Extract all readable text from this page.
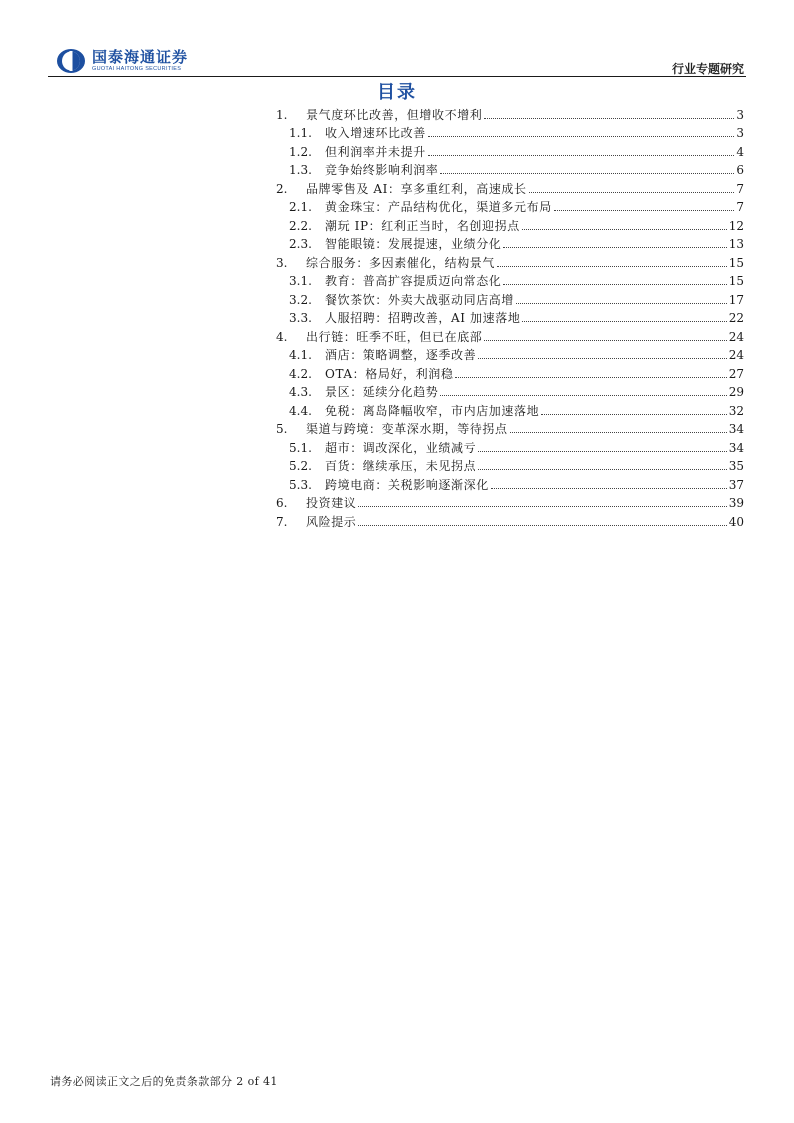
国泰海通证券
GUOTAI HAITONG SECURITIES	行业专题研究
目录
1.	景气度环比改善，但增收不增利	3
1.1.	收入增速环比改善	3
1.2.	但利润率并未提升	4
1.3.	竞争始终影响利润率	6
2.	品牌零售及 AI：享多重红利，高速成长	7
2.1.	黄金珠宝：产品结构优化，渠道多元布局	7
2.2.	潮玩 IP：红利正当时，名创迎拐点	12
2.3.	智能眼镜：发展提速，业绩分化	13
3.	综合服务：多因素催化，结构景气	15
3.1.	教育：普高扩容提质迈向常态化	15
3.2.	餐饮茶饮：外卖大战驱动同店高增	17
3.3.	人服招聘：招聘改善，AI 加速落地	22
4.	出行链：旺季不旺，但已在底部	24
4.1.	酒店：策略调整，逐季改善	24
4.2.	OTA：格局好，利润稳	27
4.3.	景区：延续分化趋势	29
4.4.	免税：离岛降幅收窄，市内店加速落地	32
5.	渠道与跨境：变革深水期，等待拐点	34
5.1.	超市：调改深化，业绩减亏	34
5.2.	百货：继续承压，未见拐点	35
5.3.	跨境电商：关税影响逐渐深化	37
6.	投资建议	39
7.	风险提示	40
请务必阅读正文之后的免责条款部分 2 of 41
